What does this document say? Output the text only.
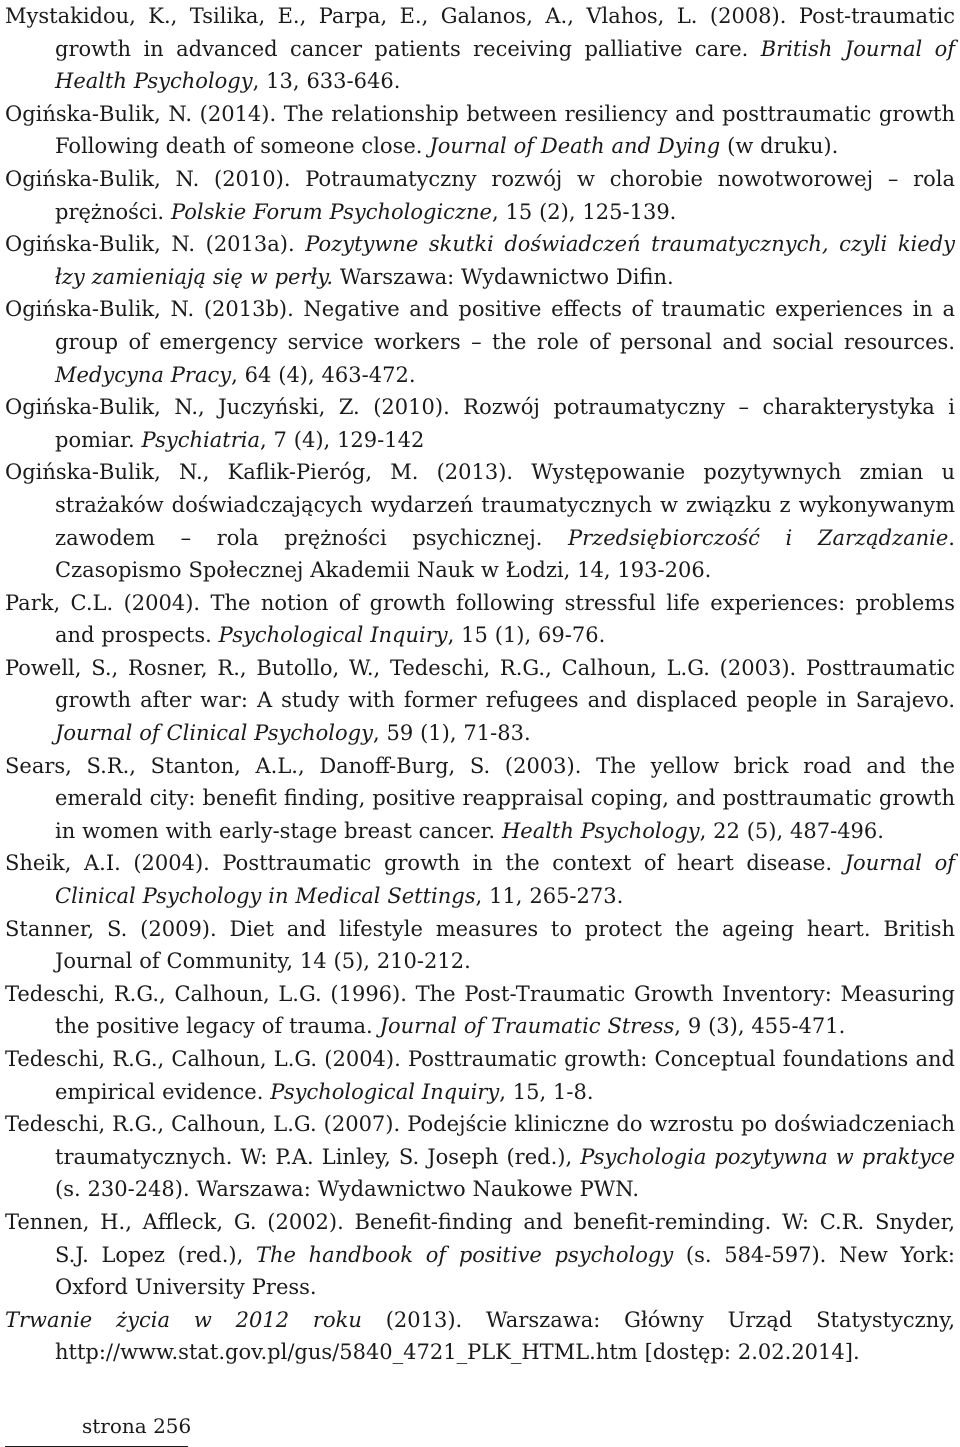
Mystakidou, K., Tsilika, E., Parpa, E., Galanos, A., Vlahos, L. (2008). Post-traumatic growth in advanced cancer patients receiving palliative care. British Journal of Health Psychology, 13, 633-646.

Ogińska-Bulik, N. (2014). The relationship between resiliency and posttraumatic growth Following death of someone close. Journal of Death and Dying (w druku).

Ogińska-Bulik, N. (2010). Potraumatyczny rozwój w chorobie nowotworowej – rola prężności. Polskie Forum Psychologiczne, 15 (2), 125-139.

Ogińska-Bulik, N. (2013a). Pozytywne skutki doświadczeń traumatycznych, czyli kiedy łzy zamieniają się w perły. Warszawa: Wydawnictwo Difin.

Ogińska-Bulik, N. (2013b). Negative and positive effects of traumatic experiences in a group of emergency service workers – the role of personal and social resources. Medycyna Pracy, 64 (4), 463-472.

Ogińska-Bulik, N., Juczyński, Z. (2010). Rozwój potraumatyczny – charakterystyka i pomiar. Psychiatria, 7 (4), 129-142

Ogińska-Bulik, N., Kaflik-Pieróg, M. (2013). Występowanie pozytywnych zmian u strażaków doświadczających wydarzeń traumatycznych w związku z wykonywanym zawodem – rola prężności psychicznej. Przedsiębiorczość i Zarządzanie. Czasopismo Społecznej Akademii Nauk w Łodzi, 14, 193-206.

Park, C.L. (2004). The notion of growth following stressful life experiences: problems and prospects. Psychological Inquiry, 15 (1), 69-76.

Powell, S., Rosner, R., Butollo, W., Tedeschi, R.G., Calhoun, L.G. (2003). Posttraumatic growth after war: A study with former refugees and displaced people in Sarajevo. Journal of Clinical Psychology, 59 (1), 71-83.

Sears, S.R., Stanton, A.L., Danoff-Burg, S. (2003). The yellow brick road and the emerald city: benefit finding, positive reappraisal coping, and posttraumatic growth in women with early-stage breast cancer. Health Psychology, 22 (5), 487-496.

Sheik, A.I. (2004). Posttraumatic growth in the context of heart disease. Journal of Clinical Psychology in Medical Settings, 11, 265-273.

Stanner, S. (2009). Diet and lifestyle measures to protect the ageing heart. British Journal of Community, 14 (5), 210-212.

Tedeschi, R.G., Calhoun, L.G. (1996). The Post-Traumatic Growth Inventory: Measuring the positive legacy of trauma. Journal of Traumatic Stress, 9 (3), 455-471.

Tedeschi, R.G., Calhoun, L.G. (2004). Posttraumatic growth: Conceptual foundations and empirical evidence. Psychological Inquiry, 15, 1-8.

Tedeschi, R.G., Calhoun, L.G. (2007). Podejście kliniczne do wzrostu po doświadczeniach traumatycznych. W: P.A. Linley, S. Joseph (red.), Psychologia pozytywna w praktyce (s. 230-248). Warszawa: Wydawnictwo Naukowe PWN.

Tennen, H., Affleck, G. (2002). Benefit-finding and benefit-reminding. W: C.R. Snyder, S.J. Lopez (red.), The handbook of positive psychology (s. 584-597). New York: Oxford University Press.

Trwanie życia w 2012 roku (2013). Warszawa: Główny Urząd Statystyczny, http://www.stat.gov.pl/gus/5840_4721_PLK_HTML.htm [dostęp: 2.02.2014].

strona 256
